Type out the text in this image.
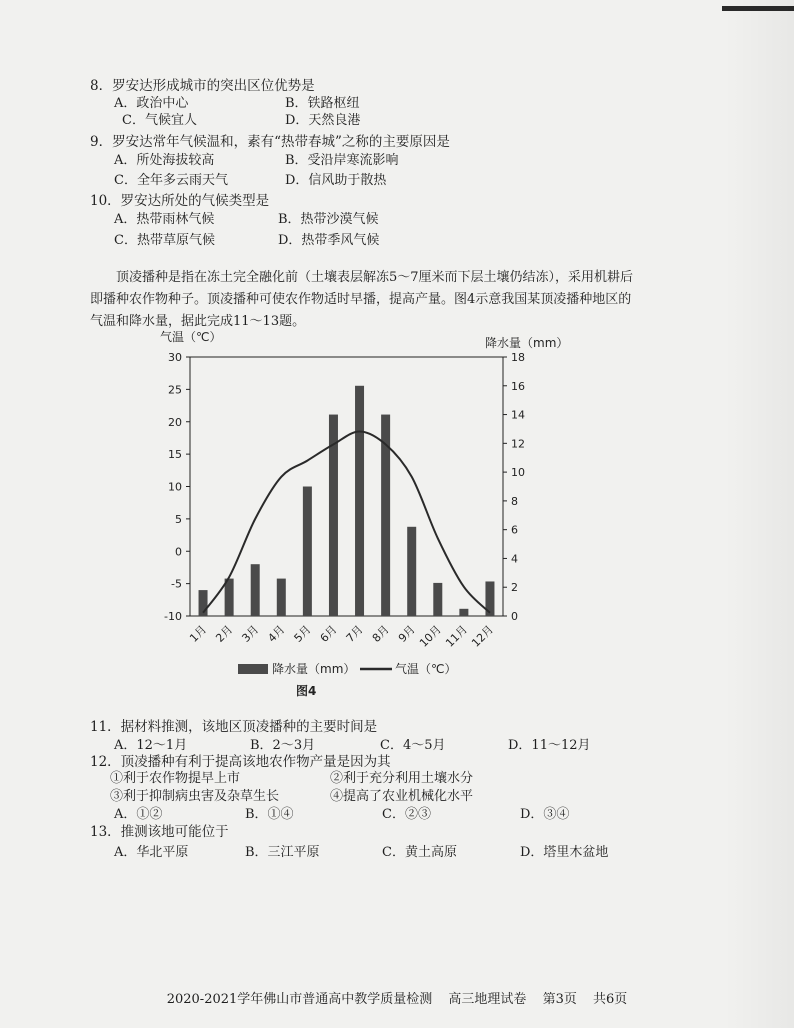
8．罗安达形成城市的突出区位优势是
A．政治中心	B．铁路枢纽
C．气候宜人	D．天然良港
9．罗安达常年气候温和，素有“热带春城”之称的主要原因是
A．所处海拔较高	B．受沿岸寒流影响
C．全年多云雨天气	D．信风助于散热
10．罗安达所处的气候类型是
A．热带雨林气候	B．热带沙漠气候
C．热带草原气候	D．热带季风气候
顶凌播种是指在冻土完全融化前（土壤表层解冻5～7厘米而下层土壤仍结冻），采用机耕后即播种农作物种子。顶凌播种可使农作物适时早播，提高产量。图4示意我国某顶凌播种地区的气温和降水量，据此完成11～13题。
30
25
20
15
10
5
0
-5
-10
18
16
14
12
10
8
6
4
2
0
气温（℃）	降水量（mm）
1月 2月 3月 4月 5月 6月 7月 8月 9月 10月 11月 12月
降水量（mm）	气温（℃）
图4
11．据材料推测，该地区顶凌播种的主要时间是
A．12～1月	B．2～3月	C．4～5月	D．11～12月
12．顶凌播种有利于提高该地农作物产量是因为其
①利于农作物提早上市	②利于充分利用土壤水分
③利于抑制病虫害及杂草生长	④提高了农业机械化水平
A．①②	B．①④	C．②③	D．③④
13．推测该地可能位于
A．华北平原	B．三江平原	C．黄土高原	D．塔里木盆地
2020-2021学年佛山市普通高中教学质量检测 高三地理试卷 第3页 共6页
